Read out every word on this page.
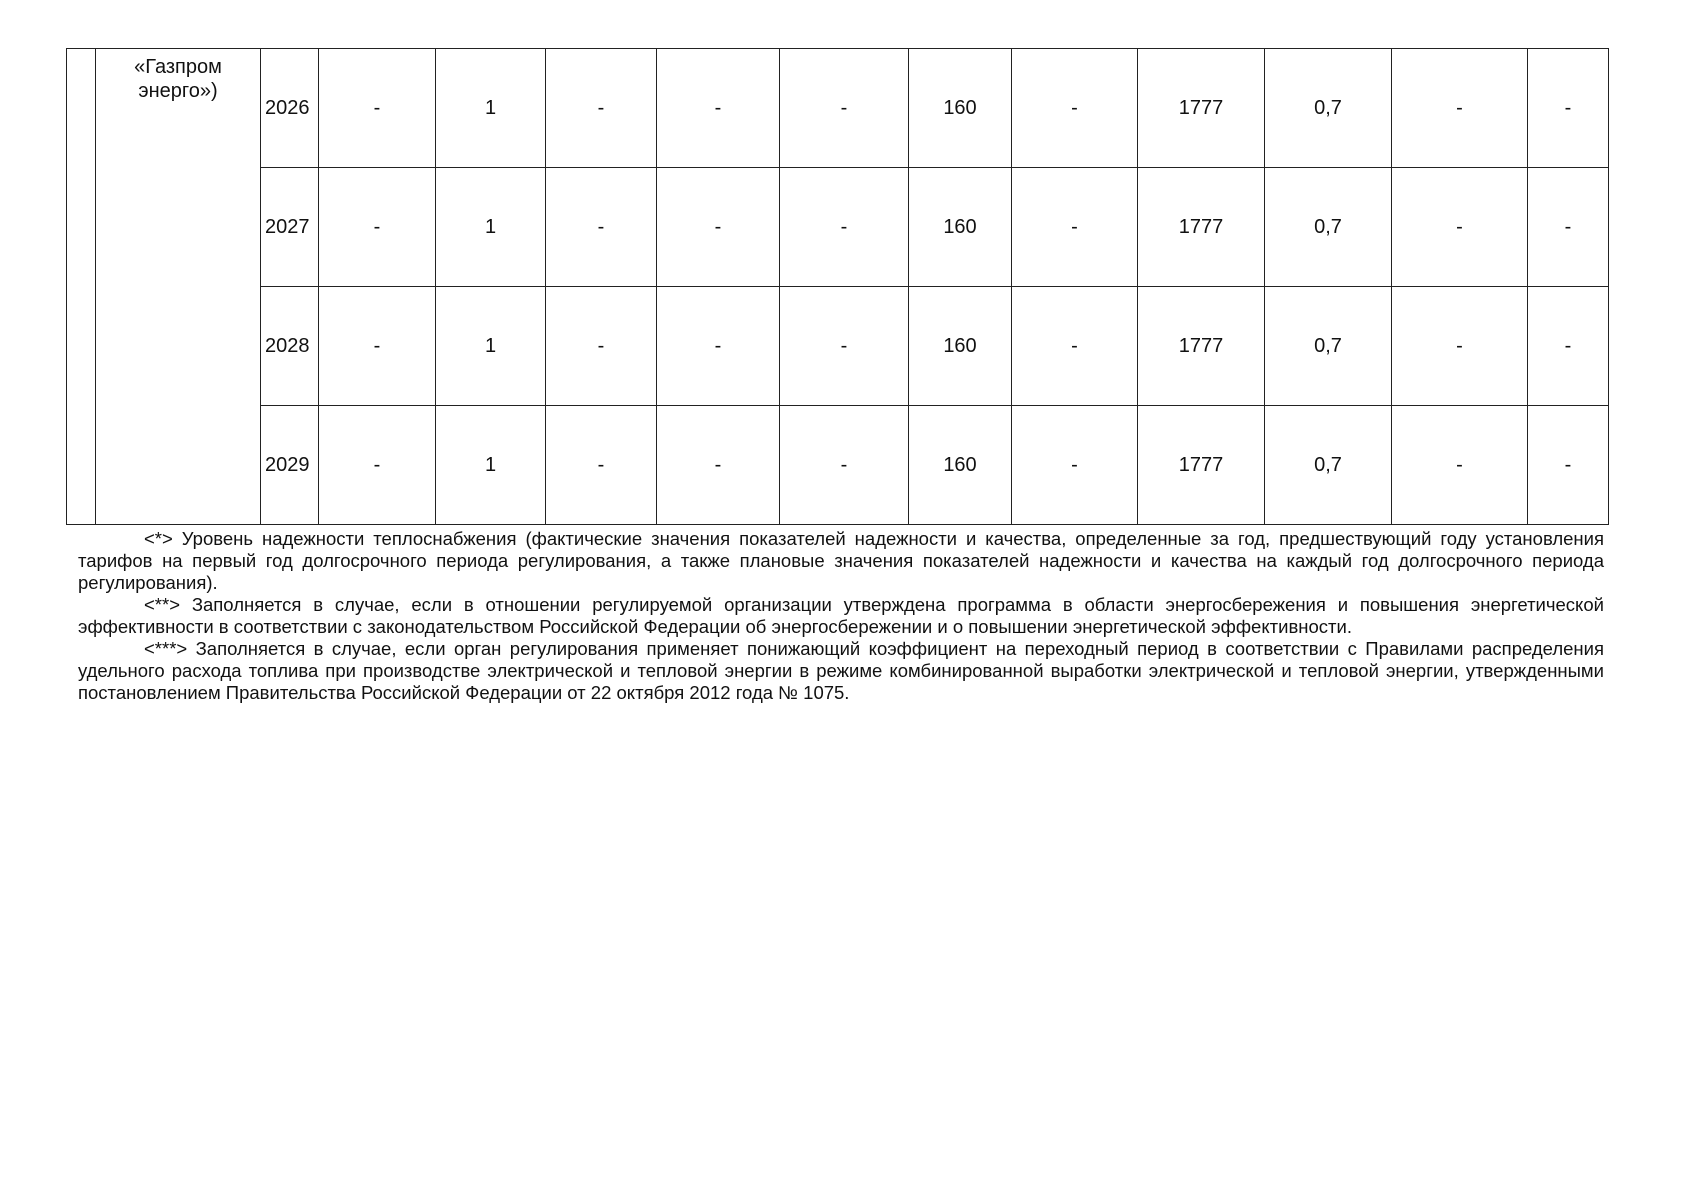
	«Газпром энерго»)	2026	-	1	-	-	-	160	-	1777	0,7	-	-
		2027	-	1	-	-	-	160	-	1777	0,7	-	-
		2028	-	1	-	-	-	160	-	1777	0,7	-	-
		2029	-	1	-	-	-	160	-	1777	0,7	-	-

<*> Уровень надежности теплоснабжения (фактические значения показателей надежности и качества, определенные за год, предшествующий году установления тарифов на первый год долгосрочного периода регулирования, а также плановые значения показателей надежности и качества на каждый год долгосрочного периода регулирования).

<**> Заполняется в случае, если в отношении регулируемой организации утверждена программа в области энергосбережения и повышения энергетической эффективности в соответствии с законодательством Российской Федерации об энергосбережении и о повышении энергетической эффективности.

<***> Заполняется в случае, если орган регулирования применяет понижающий коэффициент на переходный период в соответствии с Правилами распределения удельного расхода топлива при производстве электрической и тепловой энергии в режиме комбинированной выработки электрической и тепловой энергии, утвержденными постановлением Правительства Российской Федерации от 22 октября 2012 года № 1075.
